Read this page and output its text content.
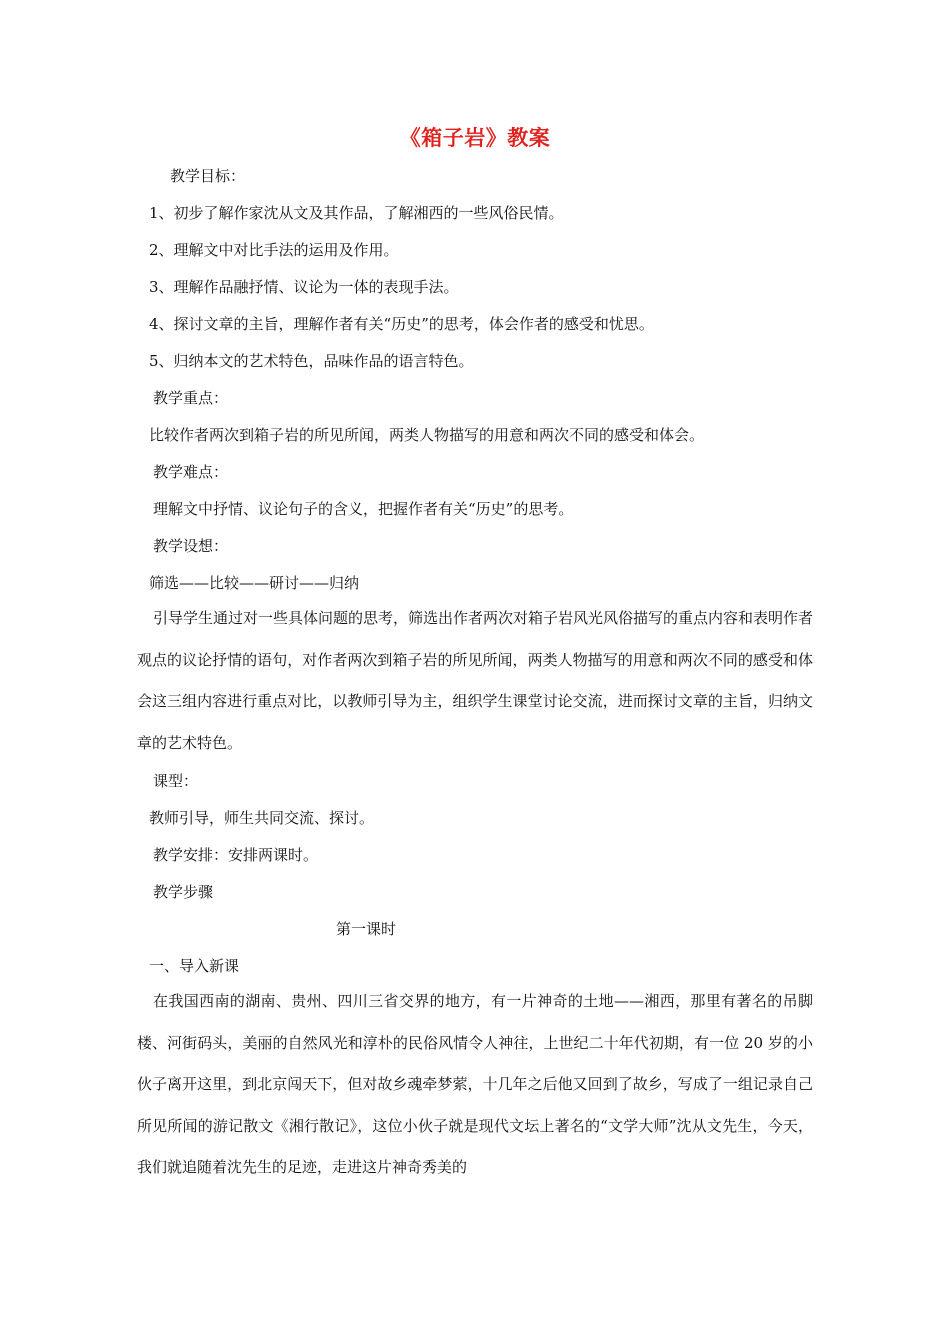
《箱子岩》教案
教学目标：
1、初步了解作家沈从文及其作品，了解湘西的一些风俗民情。
2、理解文中对比手法的运用及作用。
3、理解作品融抒情、议论为一体的表现手法。
4、探讨文章的主旨，理解作者有关“历史”的思考，体会作者的感受和忧思。
5、归纳本文的艺术特色，品味作品的语言特色。
教学重点：
比较作者两次到箱子岩的所见所闻，两类人物描写的用意和两次不同的感受和体会。
教学难点：
理解文中抒情、议论句子的含义，把握作者有关“历史”的思考。
教学设想：
筛选——比较——研讨——归纳
引导学生通过对一些具体问题的思考，筛选出作者两次对箱子岩风光风俗描写的重点内容和表明作者观点的议论抒情的语句，对作者两次到箱子岩的所见所闻，两类人物描写的用意和两次不同的感受和体会这三组内容进行重点对比，以教师引导为主，组织学生课堂讨论交流，进而探讨文章的主旨，归纳文章的艺术特色。
课型：
教师引导，师生共同交流、探讨。
教学安排：安排两课时。
教学步骤
第一课时
一、导入新课
在我国西南的湖南、贵州、四川三省交界的地方，有一片神奇的土地——湘西，那里有著名的吊脚楼、河街码头，美丽的自然风光和淳朴的民俗风情令人神往，上世纪二十年代初期，有一位 20 岁的小伙子离开这里，到北京闯天下，但对故乡魂牵梦萦，十几年之后他又回到了故乡，写成了一组记录自己所见所闻的游记散文《湘行散记》，这位小伙子就是现代文坛上著名的“文学大师”沈从文先生，今天，我们就追随着沈先生的足迹，走进这片神奇秀美的
